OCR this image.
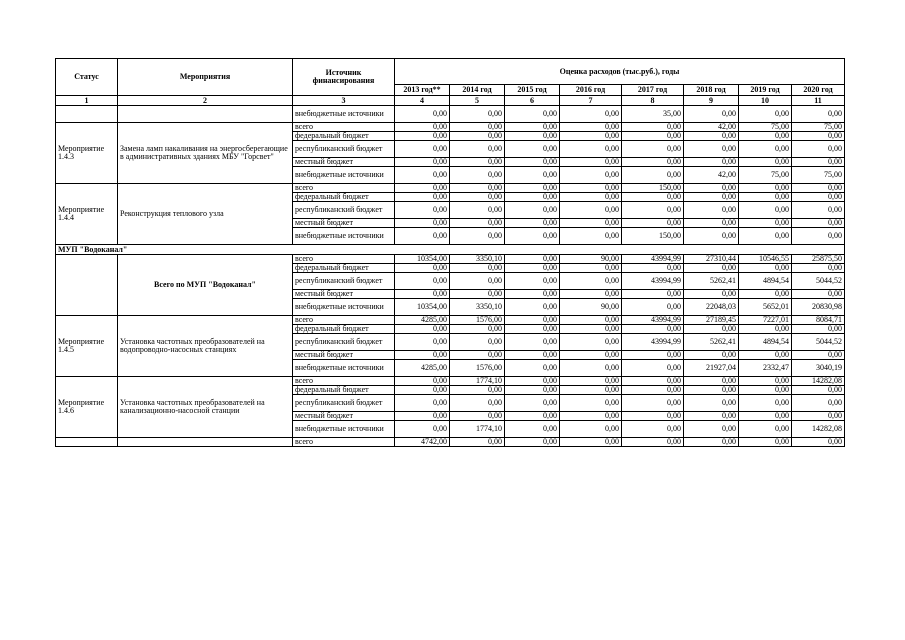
Статус	Мероприятия	Источник финансирования	Оценка расходов (тыс.руб.), годы							
			2013 год**	2014 год	2015 год	2016 год	2017 год	2018 год	2019 год	2020 год
1	2	3	4	5	6	7	8	9	10	11
		внебюджетные источники	0,00	0,00	0,00	0,00	35,00	0,00	0,00	0,00
Мероприятие 1.4.3	Замена ламп накаливания на энергосберегающие в административных зданиях МБУ "Горсвет"	всего	0,00	0,00	0,00	0,00	0,00	42,00	75,00	75,00
		федеральный бюджет	0,00	0,00	0,00	0,00	0,00	0,00	0,00	0,00
		республиканский бюджет	0,00	0,00	0,00	0,00	0,00	0,00	0,00	0,00
		местный бюджет	0,00	0,00	0,00	0,00	0,00	0,00	0,00	0,00
		внебюджетные источники	0,00	0,00	0,00	0,00	0,00	42,00	75,00	75,00
Мероприятие 1.4.4	Реконструкция теплового узла	всего	0,00	0,00	0,00	0,00	150,00	0,00	0,00	0,00
		федеральный бюджет	0,00	0,00	0,00	0,00	0,00	0,00	0,00	0,00
		республиканский бюджет	0,00	0,00	0,00	0,00	0,00	0,00	0,00	0,00
		местный бюджет	0,00	0,00	0,00	0,00	0,00	0,00	0,00	0,00
		внебюджетные источники	0,00	0,00	0,00	0,00	150,00	0,00	0,00	0,00
МУП "Водоканал"										
	Всего по МУП "Водоканал"	всего	10354,00	3350,10	0,00	90,00	43994,99	27310,44	10546,55	25875,50
		федеральный бюджет	0,00	0,00	0,00	0,00	0,00	0,00	0,00	0,00
		республиканский бюджет	0,00	0,00	0,00	0,00	43994,99	5262,41	4894,54	5044,52
		местный бюджет	0,00	0,00	0,00	0,00	0,00	0,00	0,00	0,00
		внебюджетные источники	10354,00	3350,10	0,00	90,00	0,00	22048,03	5652,01	20830,98
Мероприятие 1.4.5	Установка частотных преобразователей на водопроводно-насосных станциях	всего	4285,00	1576,00	0,00	0,00	43994,99	27189,45	7227,01	8084,71
		федеральный бюджет	0,00	0,00	0,00	0,00	0,00	0,00	0,00	0,00
		республиканский бюджет	0,00	0,00	0,00	0,00	43994,99	5262,41	4894,54	5044,52
		местный бюджет	0,00	0,00	0,00	0,00	0,00	0,00	0,00	0,00
		внебюджетные источники	4285,00	1576,00	0,00	0,00	0,00	21927,04	2332,47	3040,19
Мероприятие 1.4.6	Установка частотных преобразователей на канализационно-насосной станции	всего	0,00	1774,10	0,00	0,00	0,00	0,00	0,00	14282,08
		федеральный бюджет	0,00	0,00	0,00	0,00	0,00	0,00	0,00	0,00
		республиканский бюджет	0,00	0,00	0,00	0,00	0,00	0,00	0,00	0,00
		местный бюджет	0,00	0,00	0,00	0,00	0,00	0,00	0,00	0,00
		внебюджетные источники	0,00	1774,10	0,00	0,00	0,00	0,00	0,00	14282,08
		всего	4742,00	0,00	0,00	0,00	0,00	0,00	0,00	0,00
